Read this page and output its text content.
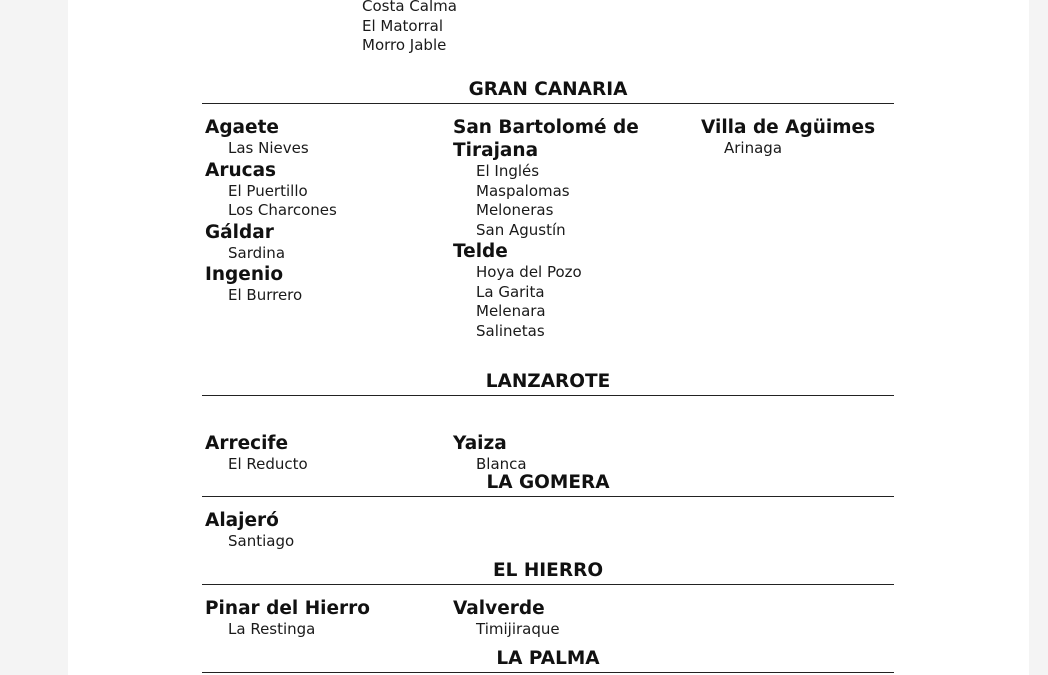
Costa Calma
El Matorral
Morro Jable
GRAN CANARIA
Agaete
Las Nieves
Arucas
El Puertillo
Los Charcones
Gáldar
Sardina
Ingenio
El Burrero
San Bartolomé de Tirajana
El Inglés
Maspalomas
Meloneras
San Agustín
Telde
Hoya del Pozo
La Garita
Melenara
Salinetas
Villa de Agüimes
Arinaga
LANZAROTE
Arrecife
El Reducto
Yaiza
Blanca
LA GOMERA
Alajeró
Santiago
EL HIERRO
Pinar del Hierro
La Restinga
Valverde
Timijiraque
LA PALMA
